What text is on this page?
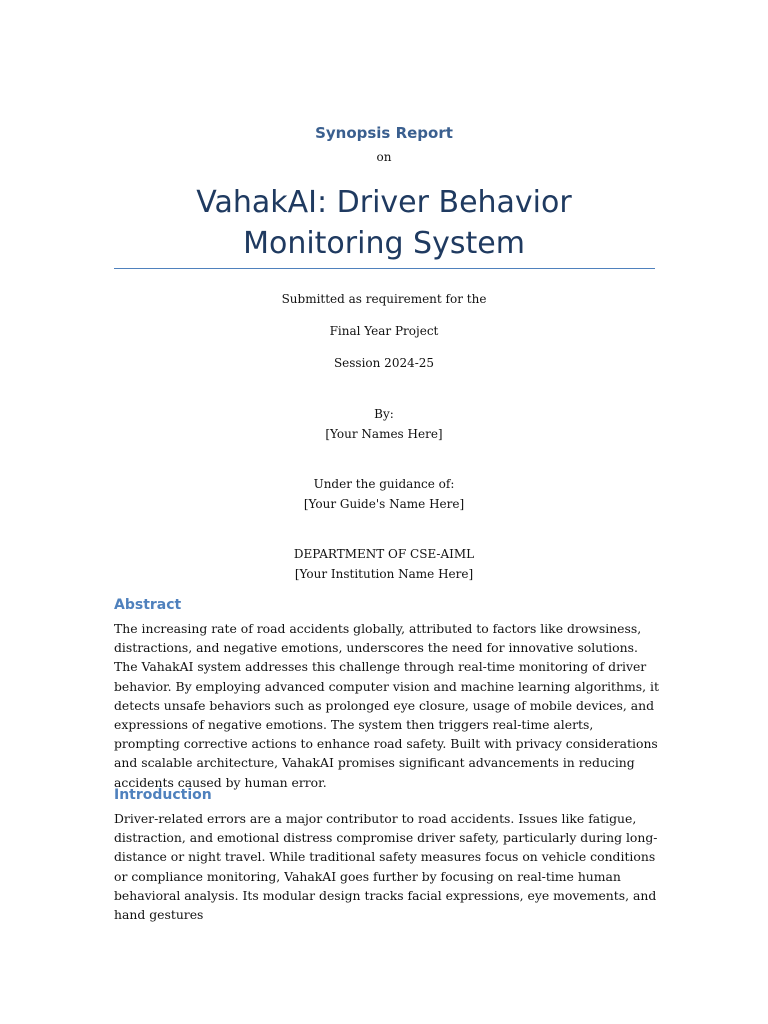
Synopsis Report
on
VahakAI: Driver Behavior Monitoring System
Submitted as requirement for the
Final Year Project
Session 2024-25
By:
[Your Names Here]
Under the guidance of:
[Your Guide's Name Here]
DEPARTMENT OF CSE-AIML
[Your Institution Name Here]
Abstract

The increasing rate of road accidents globally, attributed to factors like drowsiness, distractions, and negative emotions, underscores the need for innovative solutions. The VahakAI system addresses this challenge through real-time monitoring of driver behavior. By employing advanced computer vision and machine learning algorithms, it detects unsafe behaviors such as prolonged eye closure, usage of mobile devices, and expressions of negative emotions. The system then triggers real-time alerts, prompting corrective actions to enhance road safety. Built with privacy considerations and scalable architecture, VahakAI promises significant advancements in reducing accidents caused by human error.

Introduction

Driver-related errors are a major contributor to road accidents. Issues like fatigue, distraction, and emotional distress compromise driver safety, particularly during long-distance or night travel. While traditional safety measures focus on vehicle conditions or compliance monitoring, VahakAI goes further by focusing on real-time human behavioral analysis. Its modular design tracks facial expressions, eye movements, and hand gestures
